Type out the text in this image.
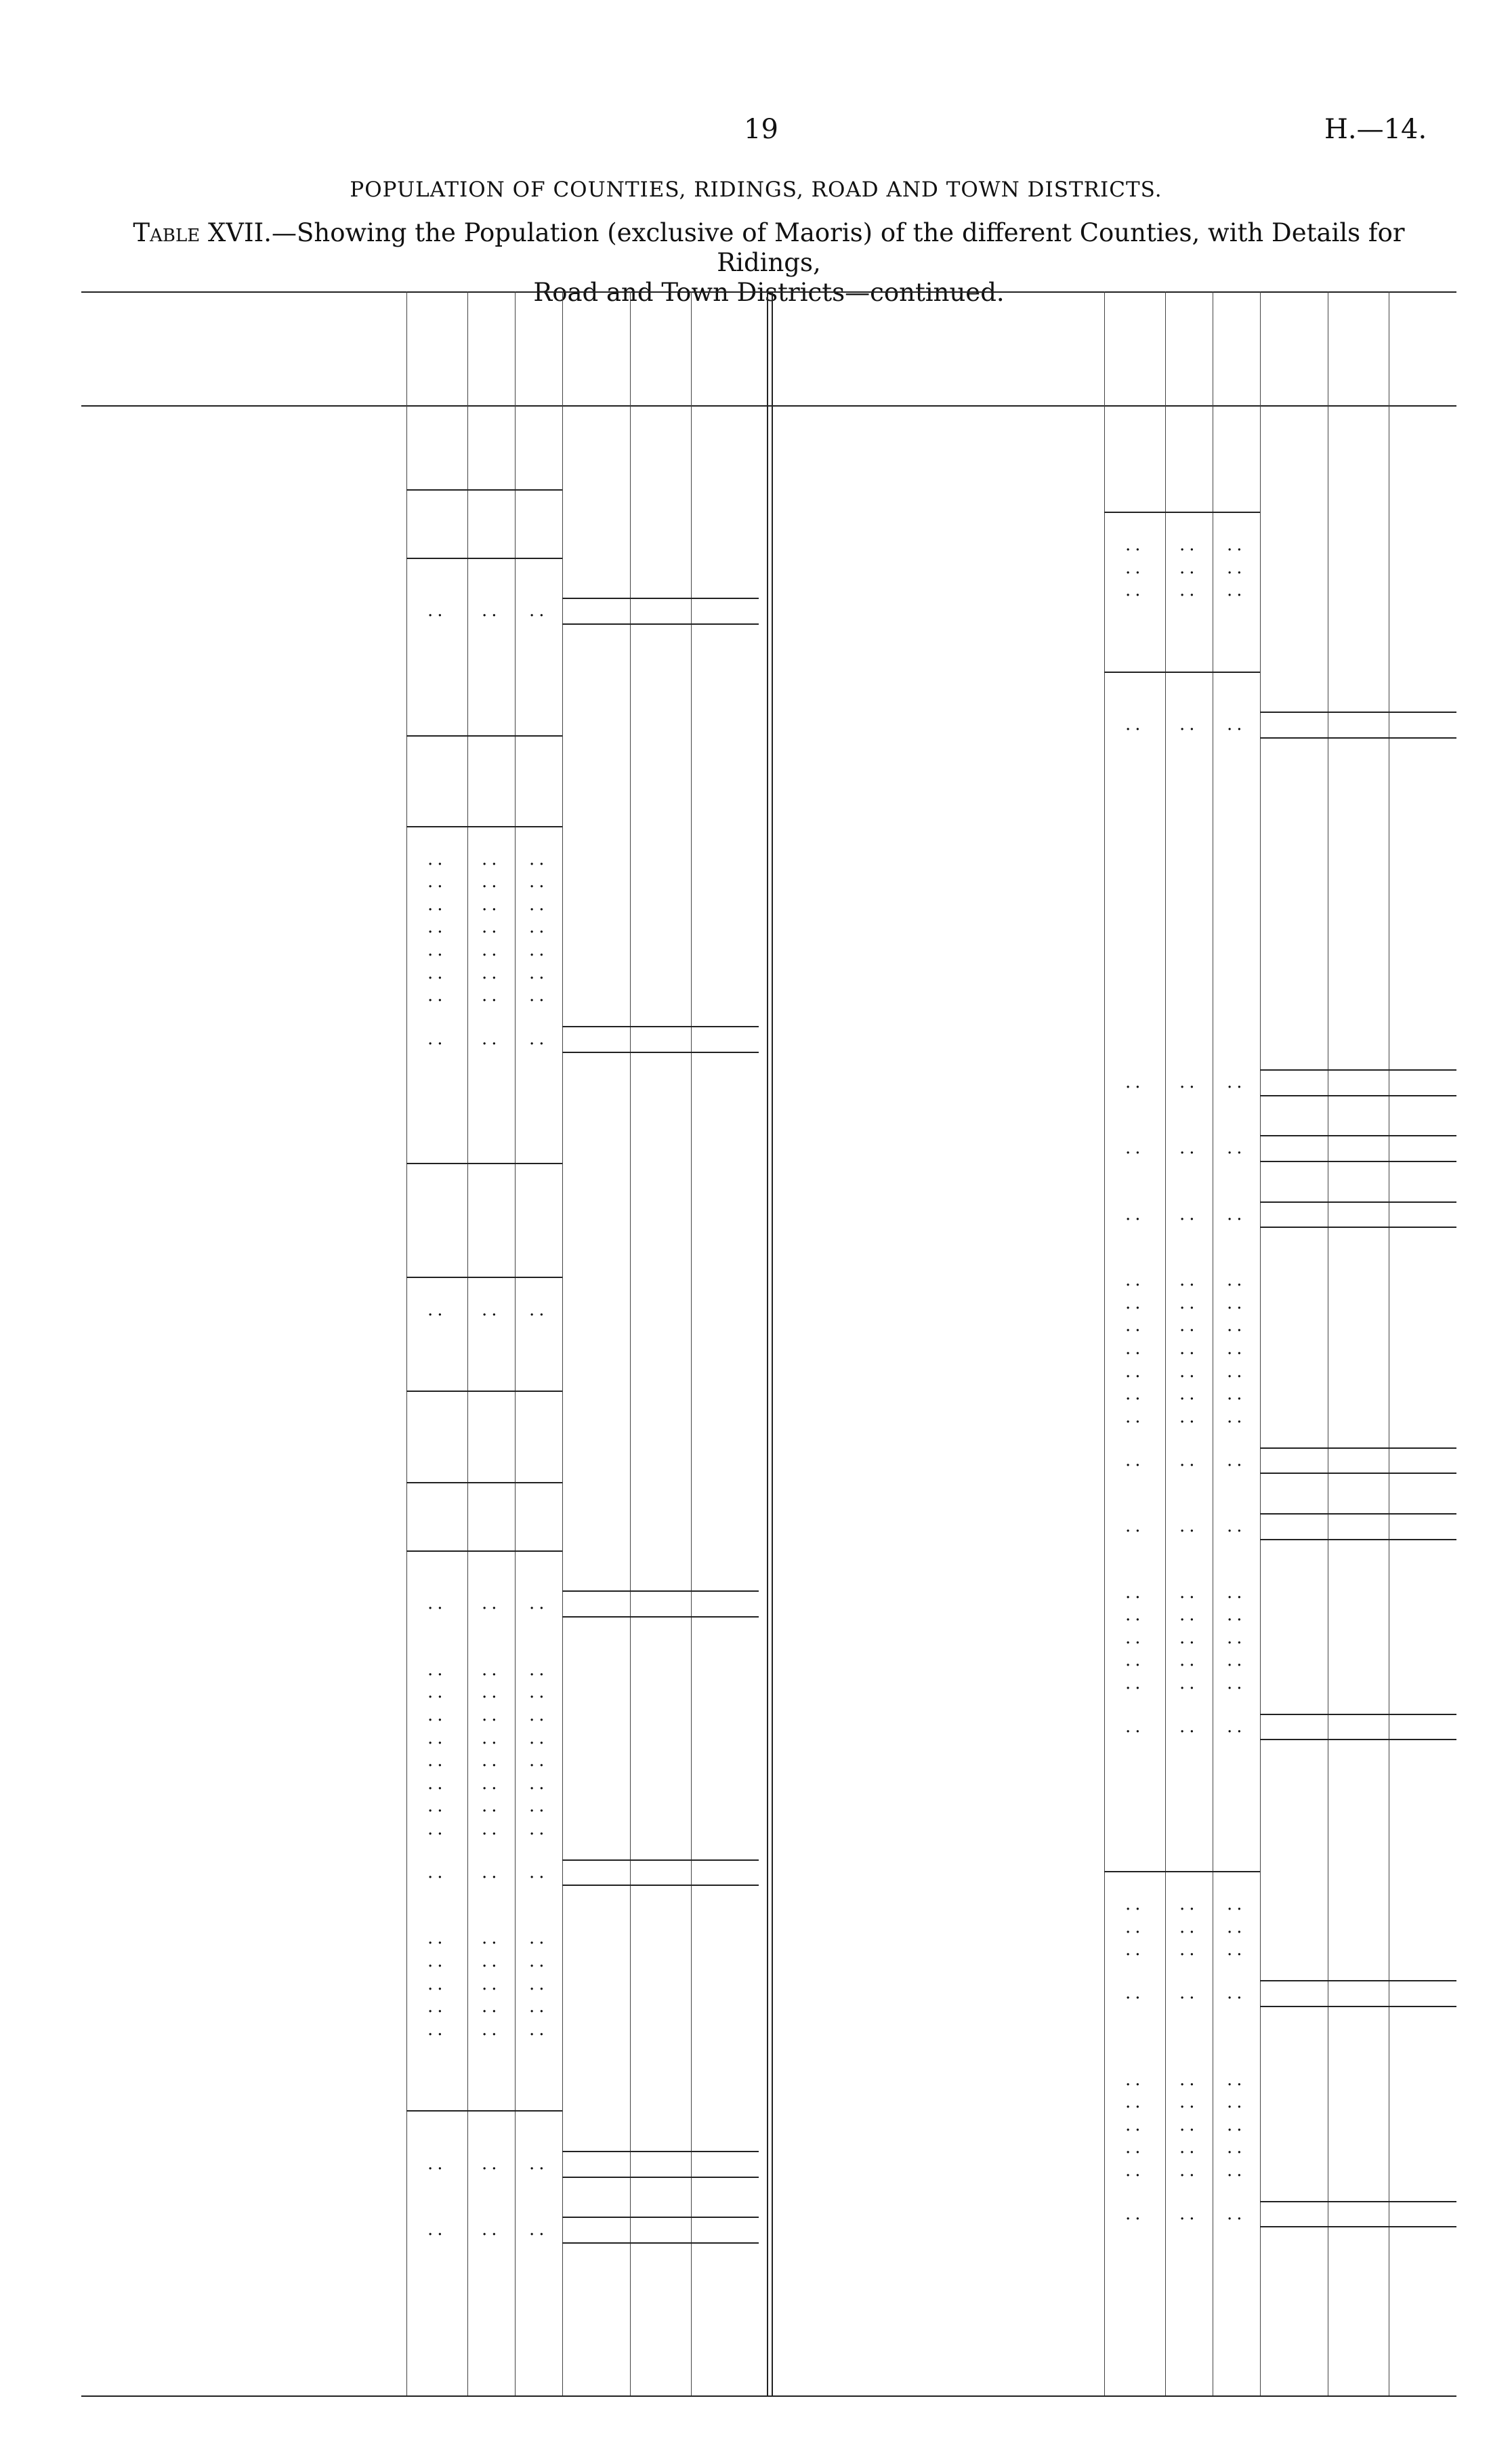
19	H.—14.
POPULATION OF COUNTIES, RIDINGS, ROAD AND TOWN DISTRICTS.
Table XVII.—Showing the Population (exclusive of Maoris) of the different Counties, with Details for Ridings,
Road and Town Districts—continued.
.. .. ..
.. .. ..
.. .. ..
.. .. ..
.. .. ..
.. .. ..
.. .. ..
.. .. ..
.. .. ..
.. .. ..
.. .. ..
.. .. ..
.. .. ..
.. .. ..
.. .. ..
.. .. ..
.. .. ..
.. .. ..
.. .. ..
.. .. ..
.. .. ..
.. .. ..
.. .. ..
.. .. ..
.. .. ..
.. .. ..
.. .. ..
.. .. ..
.. .. ..
.. .. ..
.. .. ..
.. .. ..
.. .. ..
.. .. ..
.. .. ..
.. .. ..
.. .. ..
.. .. ..
.. .. ..
.. .. ..
.. .. ..
.. .. ..
.. .. ..
.. .. ..
.. .. ..
.. .. ..
.. .. ..
.. .. ..
.. .. ..
.. .. ..
.. .. ..
.. .. ..
.. .. ..
.. .. ..
.. .. ..
.. .. ..
.. .. ..
.. .. ..
.. .. ..
